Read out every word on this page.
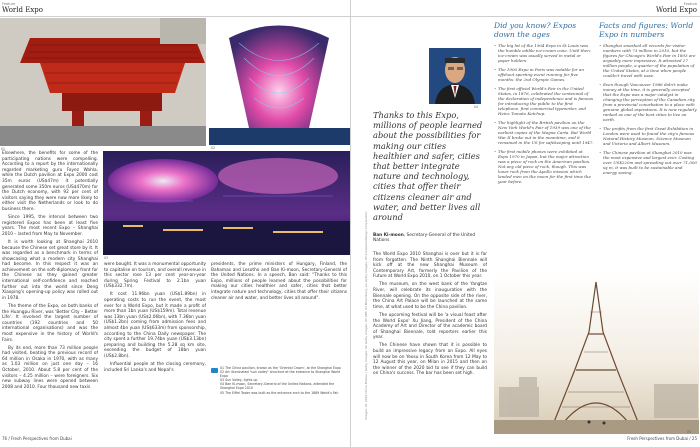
Feature
World Expo
02
01
03

Elsewhere, the benefits for some of the participating nations were compelling. According to a report by the internationally regarded marketing guru Fayez Wahla, while the Dutch pavilion at Expo 2000 cost 35m euros (US$47m) it potentially generated some 350m euros (US$470m) for the Dutch economy, with 92 per cent of visitors saying they were now more likely to either visit the Netherlands or look to do business there.

Since 1995, the interval between two registered Expos has been at least five years. The most recent Expo – Shanghai 2010 – lasted from May to November.

It is worth looking at Shanghai 2010 because the Chinese set great store by it. It was regarded as a benchmark in terms of showcasing what a modern city Shanghai had become. In this respect it was an achievement on the soft-diplomacy front for the Chinese as they gained greater international self-confidence and reached further out into the world since Deng Xiaoping's opening-up policy was rolled out in 1978.

The theme of the Expo, on both banks of the Huangpu River, was 'Better City – Better Life'. It involved the largest number of countries (192 countries and 50 international organisations) and was the most expensive in the history of World's Fairs.

By its end, more than 73 million people had visited, beating the previous record of 64 million in Osaka in 1970, with as many as 1.03 million on just one day – 16 October, 2010. About 5.8 per cent of the visitors – 4.25 million – were foreigners. Six new subway lines were opened between 2008 and 2010. Four thousand new taxis

were bought. It was a monumental opportunity to capitalise on tourism, and overall revenue in this sector rose 13 per cent year-on-year during Spring Festival to 2.1bn yuan (US$332.7m).

It cost 11.96bn yuan (US$1.89bn) in operating costs to run the event, the most ever for a World Expo, but it made a profit of more than 1bn yuan (US$159m). Total revenue was 13bn yuan (US$2.06bn), with 7.36bn yuan (US$1.2bn) coming from admission fees and almost 4bn yuan (US$633m) from sponsorship, according to the China Daily newspaper. The city spent a further 19.74bn yuan (US$3.13bn) preparing and building the 5.28 sq km site, exceeding the budget of 18bn yuan (US$2.8bn).

Influential people at the closing ceremony, included Sri Lanka's and Nepal's

presidents, the prime ministers of Hungary, Finland, the Bahamas and Lesotho and Ban Ki-moon, Secretary-General of the United Nations. In a speech, Ban said: "Thanks to this Expo, millions of people learned about the possibilities for making our cities healthier and safer, cities that better integrate nature and technology, cities that offer their citizens cleaner air and water, and better lives all around".

01 The China pavilion, known as the 'Oriental Crown', at the Shanghai Expo
02 Art illuminated "sun valley" structure at the entrance to Shanghai World Expo
03 Sun Valley, lights up
04 Ban Ki-moon, Secretary-General of the United Nations, attended the Shanghai Expo 2010
05 The Eiffel Tower was built as the entrance arch to the 1889 World's Fair
76 / Fresh Perspectives from Dubai
Feature
World Expo
04
Thanks to this Expo, millions of people learned about the possibilities for making our cities healthier and safer, cities that better integrate nature and technology, cities that offer their citizens cleaner air and water, and better lives all around
Ban Ki-moon, Secretary-General of the United Nations
Images: 01 2010 China Photos / Getty Images; 02 Getty Images; 03 AFP; 04 Bloomberg via Getty Images; 05 Ironwood Design Corporation The World Expo 2010 Shanghai is over but it is far from forgotten. The Ninth Shanghai Biennale will kick off at the new Shanghai Museum of Contemporary Art, formerly the Pavilion of the Future at World Expo 2010, on 1 October this year.

The museum, on the west bank of the Yangtze River, will celebrate its inauguration with the Biennale opening. On the opposite side of the river, the China Art Palace will be launched at the same time, at what used to be the China pavilion.

The upcoming festival will be 'a visual feast after the World Expo' Xu Jiang, President of the China Academy of Art and Director of the academic board of Shanghai Biennale, told reporters earlier this year.

The Chinese have shown that it is possible to build an impressive legacy from an Expo. All eyes will now be on Yeosu in South Korea from 12 May to 12 August this year, on Milan in 2015 and then on the winner of the 2020 bid to see if they can build on China's success. The bar has been set high.

Did you know? Expos down the ages
• The big hit of the 1904 Expo in St Louis was the humble edible ice-cream cone. Until then, ice-cream was usually served in metal or paper holders.
• The 1900 Expo in Paris was notable for an offshoot sporting event running for five months: the 2nd Olympic Games.
• The first official World's Fair in the United States, in 1876, celebrated the centennial of the declaration of independence and is famous for introducing the public to the first telephone, first commercial typewriter, and Heinz Tomato Ketchup.
• The highlight of the British pavilion on the New York World's Fair of 1939 was one of the earliest copies of the Magna Carta. But World War II broke out in the meantime, and it remained in the US for safekeeping until 1947.
• The first mobile phones were exhibited at Expo 1970 in Japan, but the major attraction was a piece of rock on the American pavilion. Not any old piece of rock, though. This was lunar rock from the Apollo mission which landed men on the moon for the first time the year before.
Facts and figures: World Expo in numbers
• Shanghai smashed all records for visitor numbers with 73 million in 2010, but the figures for Chicago's World's Fair in 1893 are arguably more impressive. It attracted 27 million people, a quarter of the population of the United States, at a time when people couldn't travel with ease.
• Even though Vancouver 1986 didn't make money at the time, it is generally accepted that the Expo was a major catalyst in changing the perception of the Canadian city from a provincial conurbation to a place with genuine global aspirations. It is now regularly ranked as one of the best cities to live on earth.
• The profits from the first Great Exhibition in London were used to found the city's famous Natural History Museum, Science Museum and Victoria and Albert Museum.
• The Chinese pavilion at Shanghai 2010 was the most expensive and largest ever. Costing over US$220m and spreading out over 71,000 sq m, it was built to be sustainable and energy saving.
05
Fresh Perspectives from Dubai / 25
